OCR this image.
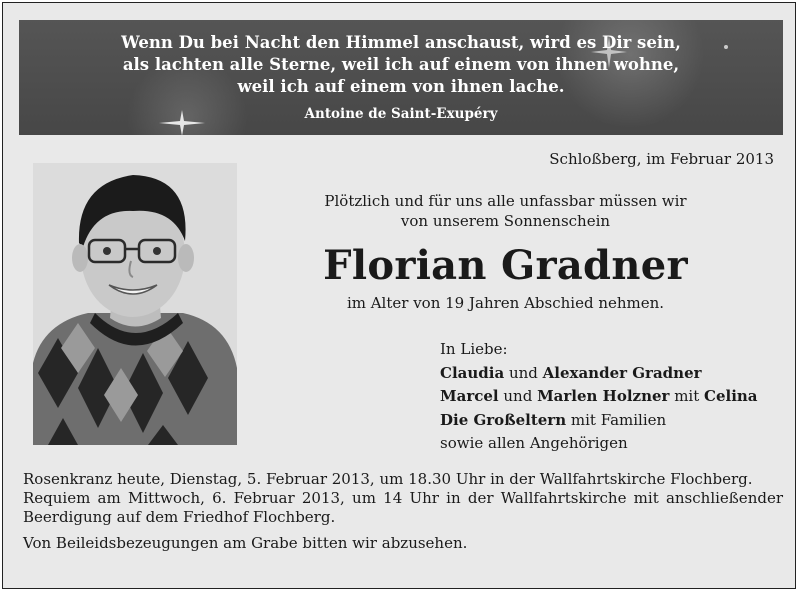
Wenn Du bei Nacht den Himmel anschaust, wird es Dir sein,
als lachten alle Sterne, weil ich auf einem von ihnen wohne,
weil ich auf einem von ihnen lache.
Antoine de Saint-Exupéry
Schloßberg, im Februar 2013
Plötzlich und für uns alle unfassbar müssen wir
von unserem Sonnenschein
Florian Gradner
im Alter von 19 Jahren Abschied nehmen.
In Liebe:
Claudia und Alexander Gradner
Marcel und Marlen Holzner mit Celina
Die Großeltern mit Familien
sowie allen Angehörigen

Rosenkranz heute, Dienstag, 5. Februar 2013, um 18.30 Uhr in der Wallfahrtskirche Flochberg.

Requiem am Mittwoch, 6. Februar 2013, um 14 Uhr in der Wallfahrtskirche mit anschließender Beerdigung auf dem Friedhof Flochberg.

Von Beileidsbezeugungen am Grabe bitten wir abzusehen.
